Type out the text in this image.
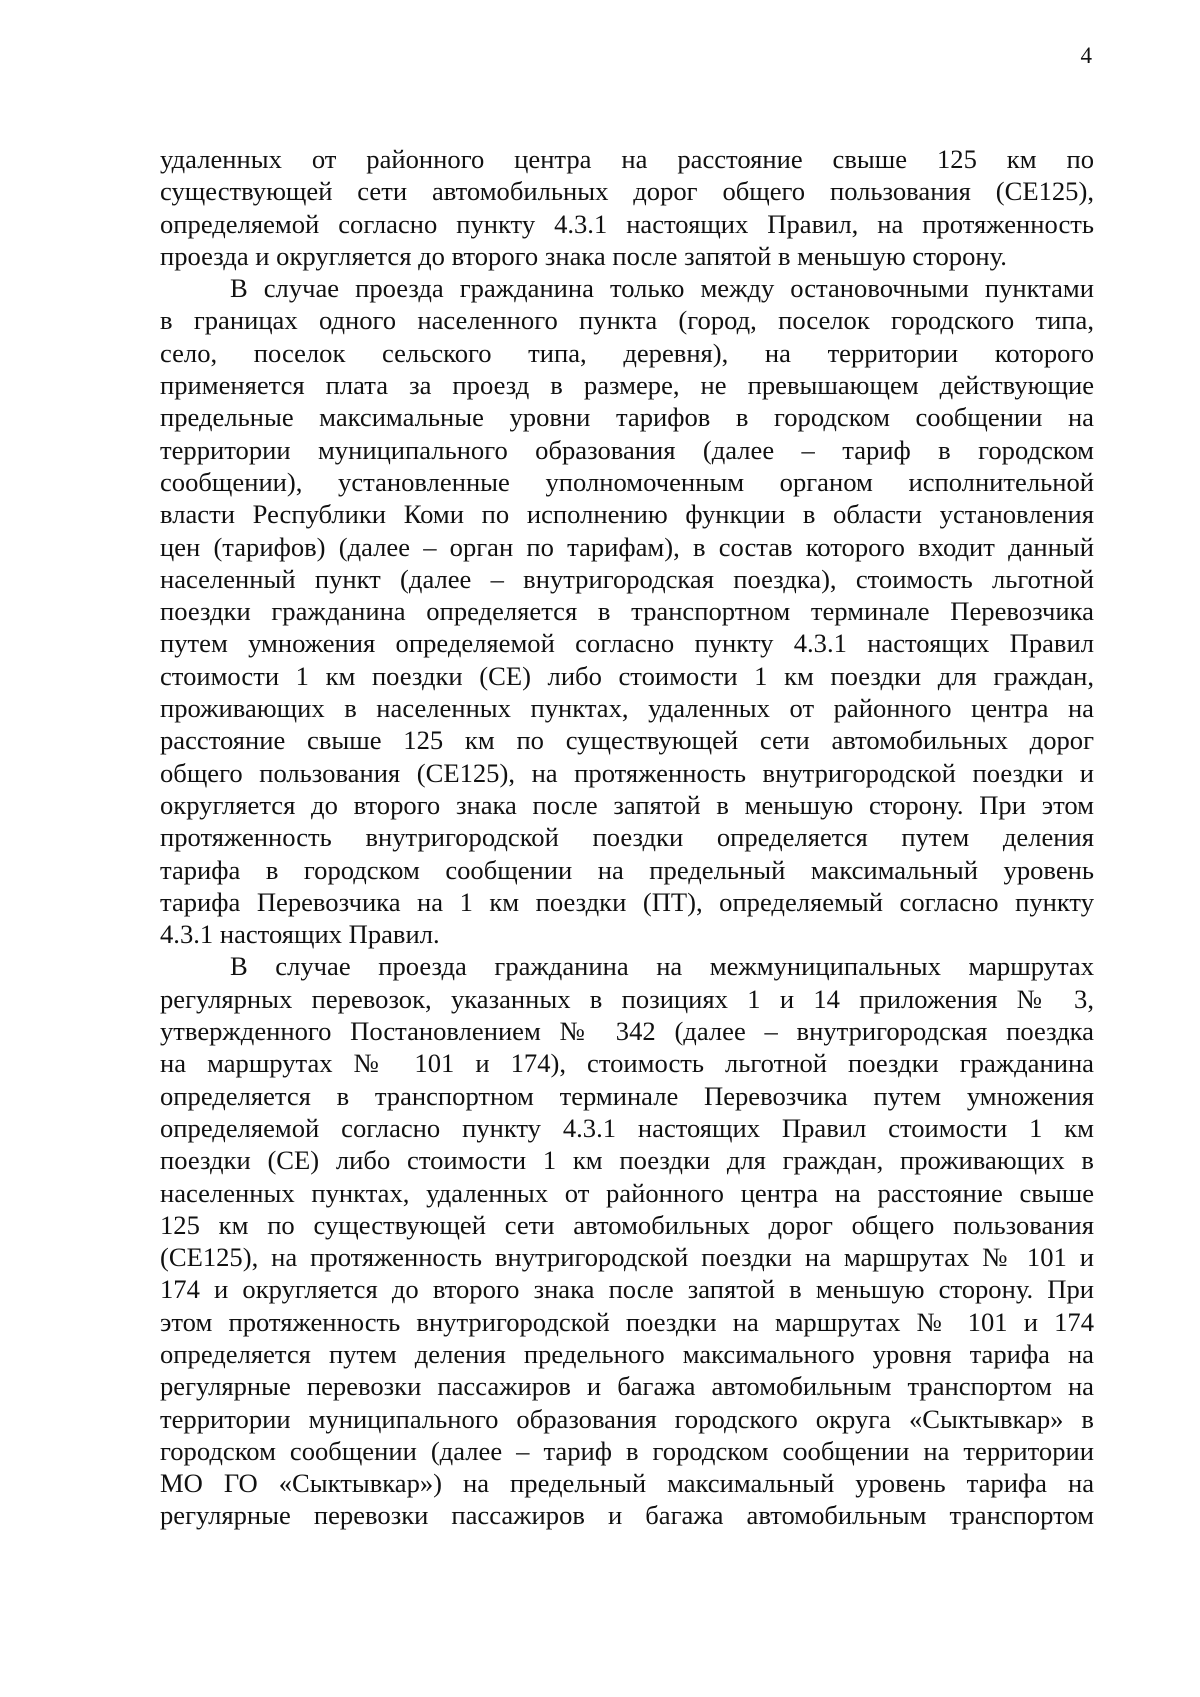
4
удаленных от районного центра на расстояние свыше 125 км по
существующей сети автомобильных дорог общего пользования (СЕ125),
определяемой согласно пункту 4.3.1 настоящих Правил, на протяженность
проезда и округляется до второго знака после запятой в меньшую сторону.
В случае проезда гражданина только между остановочными пунктами
в границах одного населенного пункта (город, поселок городского типа,
село, поселок сельского типа, деревня), на территории которого
применяется плата за проезд в размере, не превышающем действующие
предельные максимальные уровни тарифов в городском сообщении на
территории муниципального образования (далее – тариф в городском
сообщении), установленные уполномоченным органом исполнительной
власти Республики Коми по исполнению функции в области установления
цен (тарифов) (далее – орган по тарифам), в состав которого входит данный
населенный пункт (далее – внутригородская поездка), стоимость льготной
поездки гражданина определяется в транспортном терминале Перевозчика
путем умножения определяемой согласно пункту 4.3.1 настоящих Правил
стоимости 1 км поездки (СЕ) либо стоимости 1 км поездки для граждан,
проживающих в населенных пунктах, удаленных от районного центра на
расстояние свыше 125 км по существующей сети автомобильных дорог
общего пользования (СЕ125), на протяженность внутригородской поездки и
округляется до второго знака после запятой в меньшую сторону. При этом
протяженность внутригородской поездки определяется путем деления
тарифа в городском сообщении на предельный максимальный уровень
тарифа Перевозчика на 1 км поездки (ПТ), определяемый согласно пункту
4.3.1 настоящих Правил.
В случае проезда гражданина на межмуниципальных маршрутах
регулярных перевозок, указанных в позициях 1 и 14 приложения № 3,
утвержденного Постановлением № 342 (далее – внутригородская поездка
на маршрутах № 101 и 174), стоимость льготной поездки гражданина
определяется в транспортном терминале Перевозчика путем умножения
определяемой согласно пункту 4.3.1 настоящих Правил стоимости 1 км
поездки (СЕ) либо стоимости 1 км поездки для граждан, проживающих в
населенных пунктах, удаленных от районного центра на расстояние свыше
125 км по существующей сети автомобильных дорог общего пользования
(СЕ125), на протяженность внутригородской поездки на маршрутах № 101 и
174 и округляется до второго знака после запятой в меньшую сторону. При
этом протяженность внутригородской поездки на маршрутах № 101 и 174
определяется путем деления предельного максимального уровня тарифа на
регулярные перевозки пассажиров и багажа автомобильным транспортом на
территории муниципального образования городского округа «Сыктывкар» в
городском сообщении (далее – тариф в городском сообщении на территории
МО ГО «Сыктывкар») на предельный максимальный уровень тарифа на
регулярные перевозки пассажиров и багажа автомобильным транспортом
